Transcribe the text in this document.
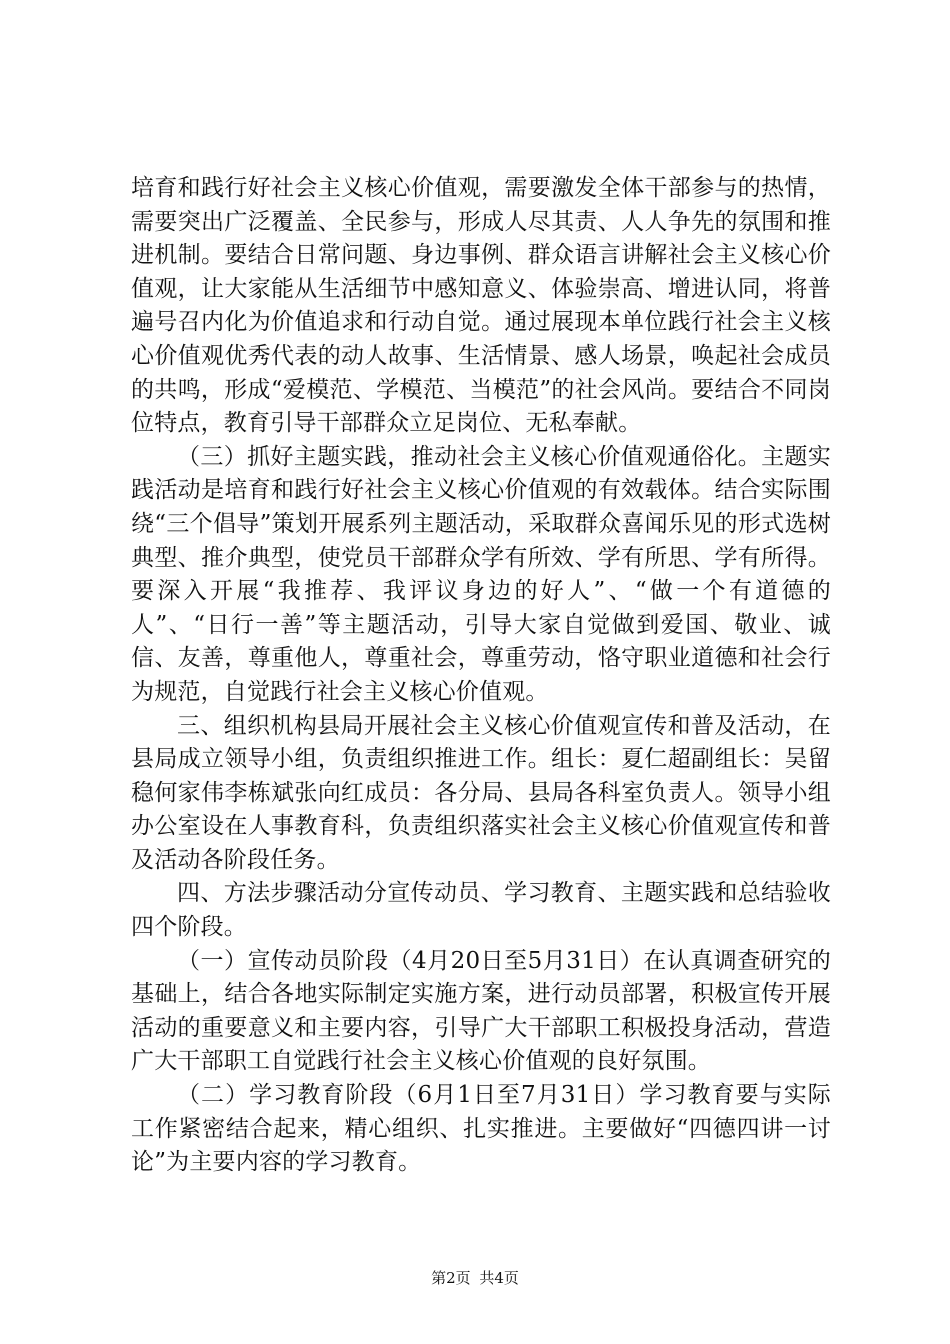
培育和践行好社会主义核心价值观，需要激发全体干部参与的热情，需要突出广泛覆盖、全民参与，形成人尽其责、人人争先的氛围和推进机制。要结合日常问题、身边事例、群众语言讲解社会主义核心价值观，让大家能从生活细节中感知意义、体验崇高、增进认同，将普遍号召内化为价值追求和行动自觉。通过展现本单位践行社会主义核心价值观优秀代表的动人故事、生活情景、感人场景，唤起社会成员的共鸣，形成“爱模范、学模范、当模范”的社会风尚。要结合不同岗位特点，教育引导干部群众立足岗位、无私奉献。

（三）抓好主题实践，推动社会主义核心价值观通俗化。主题实践活动是培育和践行好社会主义核心价值观的有效载体。结合实际围绕“三个倡导”策划开展系列主题活动，采取群众喜闻乐见的形式选树典型、推介典型，使党员干部群众学有所效、学有所思、学有所得。要深入开展“我推荐、我评议身边的好人”、“做一个有道德的人”、“日行一善”等主题活动，引导大家自觉做到爱国、敬业、诚信、友善，尊重他人，尊重社会，尊重劳动，恪守职业道德和社会行为规范，自觉践行社会主义核心价值观。

三、组织机构县局开展社会主义核心价值观宣传和普及活动，在县局成立领导小组，负责组织推进工作。组长：夏仁超副组长：吴留稳何家伟李栋斌张向红成员：各分局、县局各科室负责人。领导小组办公室设在人事教育科，负责组织落实社会主义核心价值观宣传和普及活动各阶段任务。

四、方法步骤活动分宣传动员、学习教育、主题实践和总结验收四个阶段。

（一）宣传动员阶段（4月20日至5月31日）在认真调查研究的基础上，结合各地实际制定实施方案，进行动员部署，积极宣传开展活动的重要意义和主要内容，引导广大干部职工积极投身活动，营造广大干部职工自觉践行社会主义核心价值观的良好氛围。

（二）学习教育阶段（6月1日至7月31日）学习教育要与实际工作紧密结合起来，精心组织、扎实推进。主要做好“四德四讲一讨论”为主要内容的学习教育。

第2页 共4页
